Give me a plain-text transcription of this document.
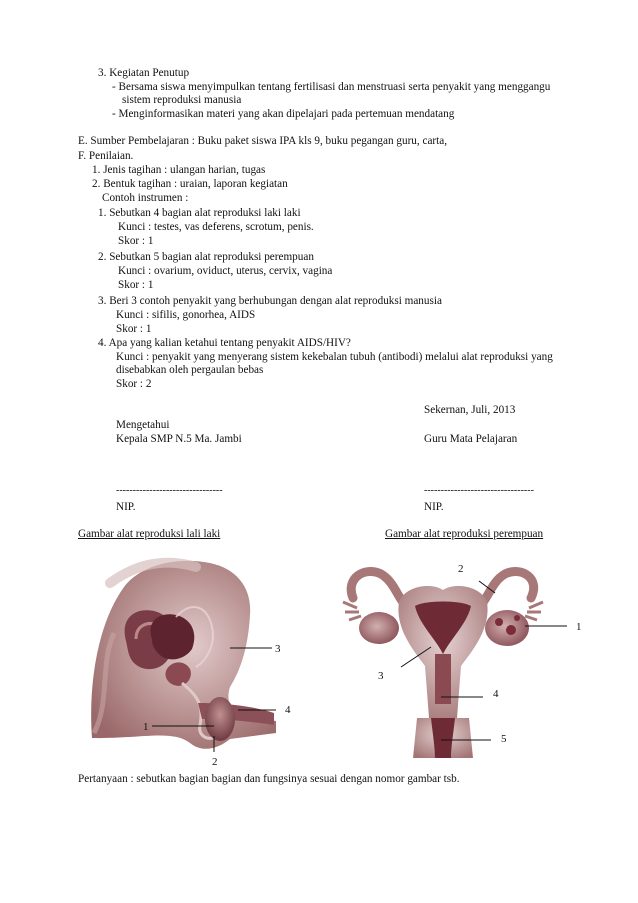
3. Kegiatan Penutup
- Bersama siswa menyimpulkan tentang fertilisasi dan menstruasi serta penyakit yang menggangu
sistem reproduksi manusia
- Menginformasikan materi yang akan dipelajari pada pertemuan mendatang
E. Sumber Pembelajaran : Buku paket siswa IPA kls 9, buku pegangan guru, carta,
F. Penilaian.
1. Jenis tagihan : ulangan harian, tugas
2. Bentuk tagihan : uraian, laporan kegiatan
Contoh instrumen :
1. Sebutkan 4 bagian alat reproduksi laki laki
Kunci : testes, vas deferens, scrotum, penis.
Skor : 1
2. Sebutkan 5 bagian alat reproduksi perempuan
Kunci : ovarium, oviduct, uterus, cervix, vagina
Skor : 1
3. Beri 3 contoh penyakit yang berhubungan dengan alat reproduksi manusia
Kunci : sifilis, gonorhea, AIDS
Skor : 1
4. Apa yang kalian ketahui tentang penyakit AIDS/HIV?
Kunci : penyakit yang menyerang sistem kekebalan tubuh (antibodi) melalui alat reproduksi yang
disebabkan oleh pergaulan bebas
Skor : 2
Sekernan, Juli, 2013
Mengetahui
Kepala SMP N.5 Ma. Jambi	Guru Mata Pelajaran
--------------------------------	---------------------------------
NIP.	NIP.
Gambar alat reproduksi lali laki	Gambar alat reproduksi perempuan
1
2
3
4
1
2
3
4
5
Pertanyaan : sebutkan bagian bagian dan fungsinya sesuai dengan nomor gambar tsb.
